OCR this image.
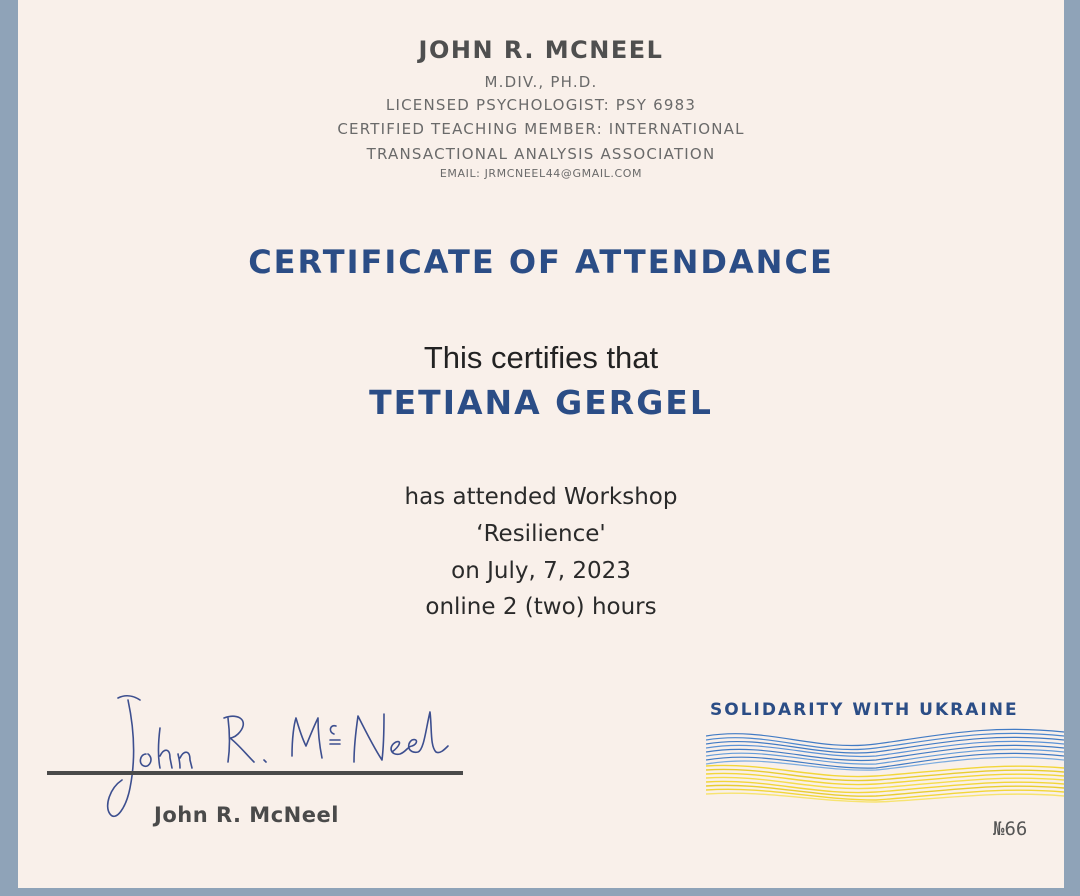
JOHN R. MCNEEL

M.DIV., PH.D.

LICENSED PSYCHOLOGIST: PSY 6983

CERTIFIED TEACHING MEMBER: INTERNATIONAL

TRANSACTIONAL ANALYSIS ASSOCIATION

EMAIL: JRMCNEEL44@GMAIL.COM

CERTIFICATE OF ATTENDANCE

This certifies that

TETIANA GERGEL

has attended Workshop

‘Resilience'

on July, 7, 2023

online 2 (two) hours

John R. McNeel
SOLIDARITY WITH UKRAINE
№66
